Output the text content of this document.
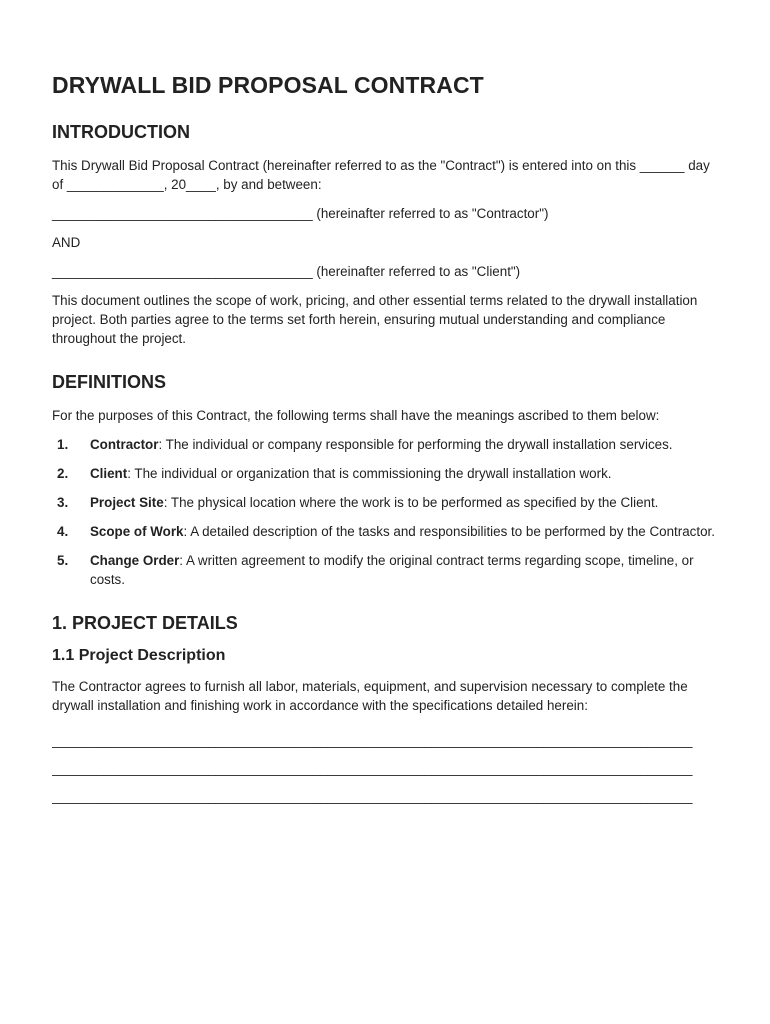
DRYWALL BID PROPOSAL CONTRACT
INTRODUCTION

This Drywall Bid Proposal Contract (hereinafter referred to as the "Contract") is entered into on this ______ day of _____________, 20____, by and between:

___________________________________ (hereinafter referred to as "Contractor")

AND

___________________________________ (hereinafter referred to as "Client")

This document outlines the scope of work, pricing, and other essential terms related to the drywall installation project. Both parties agree to the terms set forth herein, ensuring mutual understanding and compliance throughout the project.

DEFINITIONS

For the purposes of this Contract, the following terms shall have the meanings ascribed to them below:

1. Contractor: The individual or company responsible for performing the drywall installation services.
2. Client: The individual or organization that is commissioning the drywall installation work.
3. Project Site: The physical location where the work is to be performed as specified by the Client.
4. Scope of Work: A detailed description of the tasks and responsibilities to be performed by the Contractor.
5. Change Order: A written agreement to modify the original contract terms regarding scope, timeline, or costs.
1. PROJECT DETAILS
1.1 Project Description

The Contractor agrees to furnish all labor, materials, equipment, and supervision necessary to complete the drywall installation and finishing work in accordance with the specifications detailed herein:

______________________________________________________________________________________
______________________________________________________________________________________
______________________________________________________________________________________
